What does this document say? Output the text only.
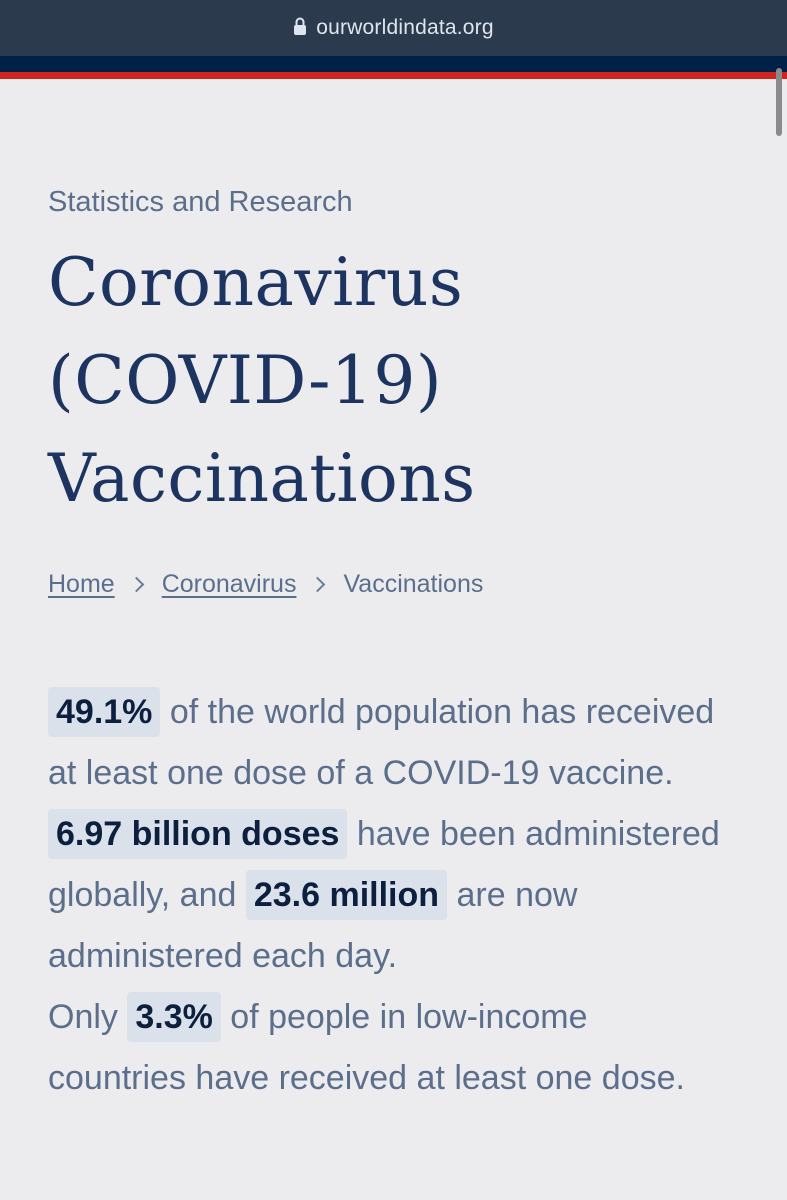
ourworldindata.org

Statistics and Research

Coronavirus
(COVID-19)
Vaccinations
Home Coronavirus Vaccinations

49.1% of the world population has received at least one dose of a COVID-19 vaccine.

6.97 billion doses have been administered globally, and 23.6 million are now administered each day.

Only 3.3% of people in low-income countries have received at least one dose.
